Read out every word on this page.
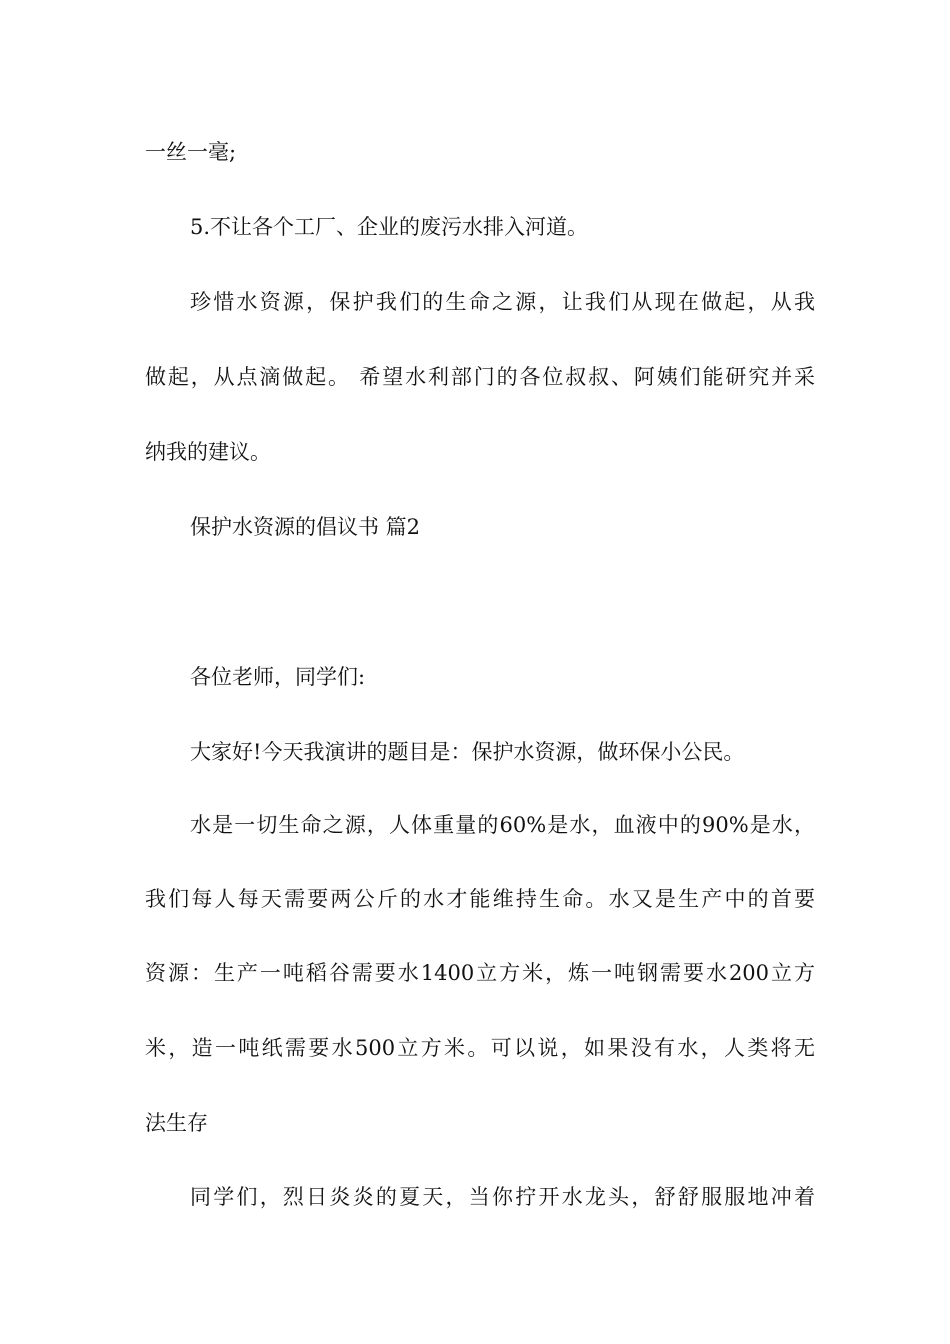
一丝一毫;
5.不让各个工厂、企业的废污水排入河道。
珍惜水资源，保护我们的生命之源，让我们从现在做起，从我
做起，从点滴做起。 希望水利部门的各位叔叔、阿姨们能研究并采
纳我的建议。
保护水资源的倡议书 篇2
各位老师，同学们:
大家好!今天我演讲的题目是：保护水资源，做环保小公民。
水是一切生命之源，人体重量的60%是水，血液中的90%是水，
我们每人每天需要两公斤的水才能维持生命。水又是生产中的首要
资源：生产一吨稻谷需要水1400立方米，炼一吨钢需要水200立方
米，造一吨纸需要水500立方米。可以说，如果没有水，人类将无
法生存
同学们，烈日炎炎的夏天，当你拧开水龙头，舒舒服服地冲着
